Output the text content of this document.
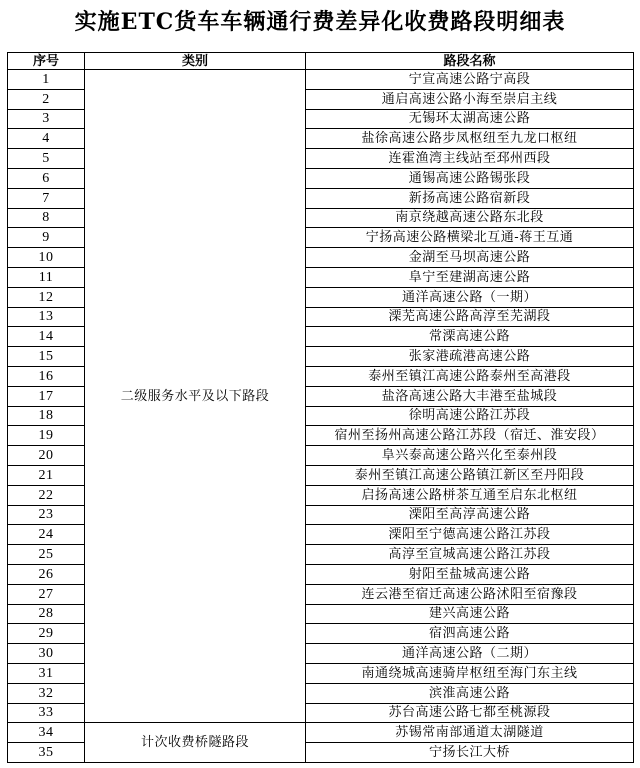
实施ETC货车车辆通行费差异化收费路段明细表
序号	类别	路段名称
1	二级服务水平及以下路段	宁宣高速公路宁高段
2		通启高速公路小海至崇启主线
3		无锡环太湖高速公路
4		盐徐高速公路步凤枢纽至九龙口枢纽
5		连霍渔湾主线站至邳州西段
6		通锡高速公路锡张段
7		新扬高速公路宿新段
8		南京绕越高速公路东北段
9		宁扬高速公路横梁北互通-蒋王互通
10		金湖至马坝高速公路
11		阜宁至建湖高速公路
12		通洋高速公路（一期）
13		溧芜高速公路高淳至芜湖段
14		常溧高速公路
15		张家港疏港高速公路
16		泰州至镇江高速公路泰州至高港段
17		盐洛高速公路大丰港至盐城段
18		徐明高速公路江苏段
19		宿州至扬州高速公路江苏段（宿迁、淮安段）
20		阜兴泰高速公路兴化至泰州段
21		泰州至镇江高速公路镇江新区至丹阳段
22		启扬高速公路栟茶互通至启东北枢纽
23		溧阳至高淳高速公路
24		溧阳至宁德高速公路江苏段
25		高淳至宣城高速公路江苏段
26		射阳至盐城高速公路
27		连云港至宿迁高速公路沭阳至宿豫段
28		建兴高速公路
29		宿泗高速公路
30		通洋高速公路（二期）
31		南通绕城高速骑岸枢纽至海门东主线
32		滨淮高速公路
33		苏台高速公路七都至桃源段
34	计次收费桥隧路段	苏锡常南部通道太湖隧道
35		宁扬长江大桥
